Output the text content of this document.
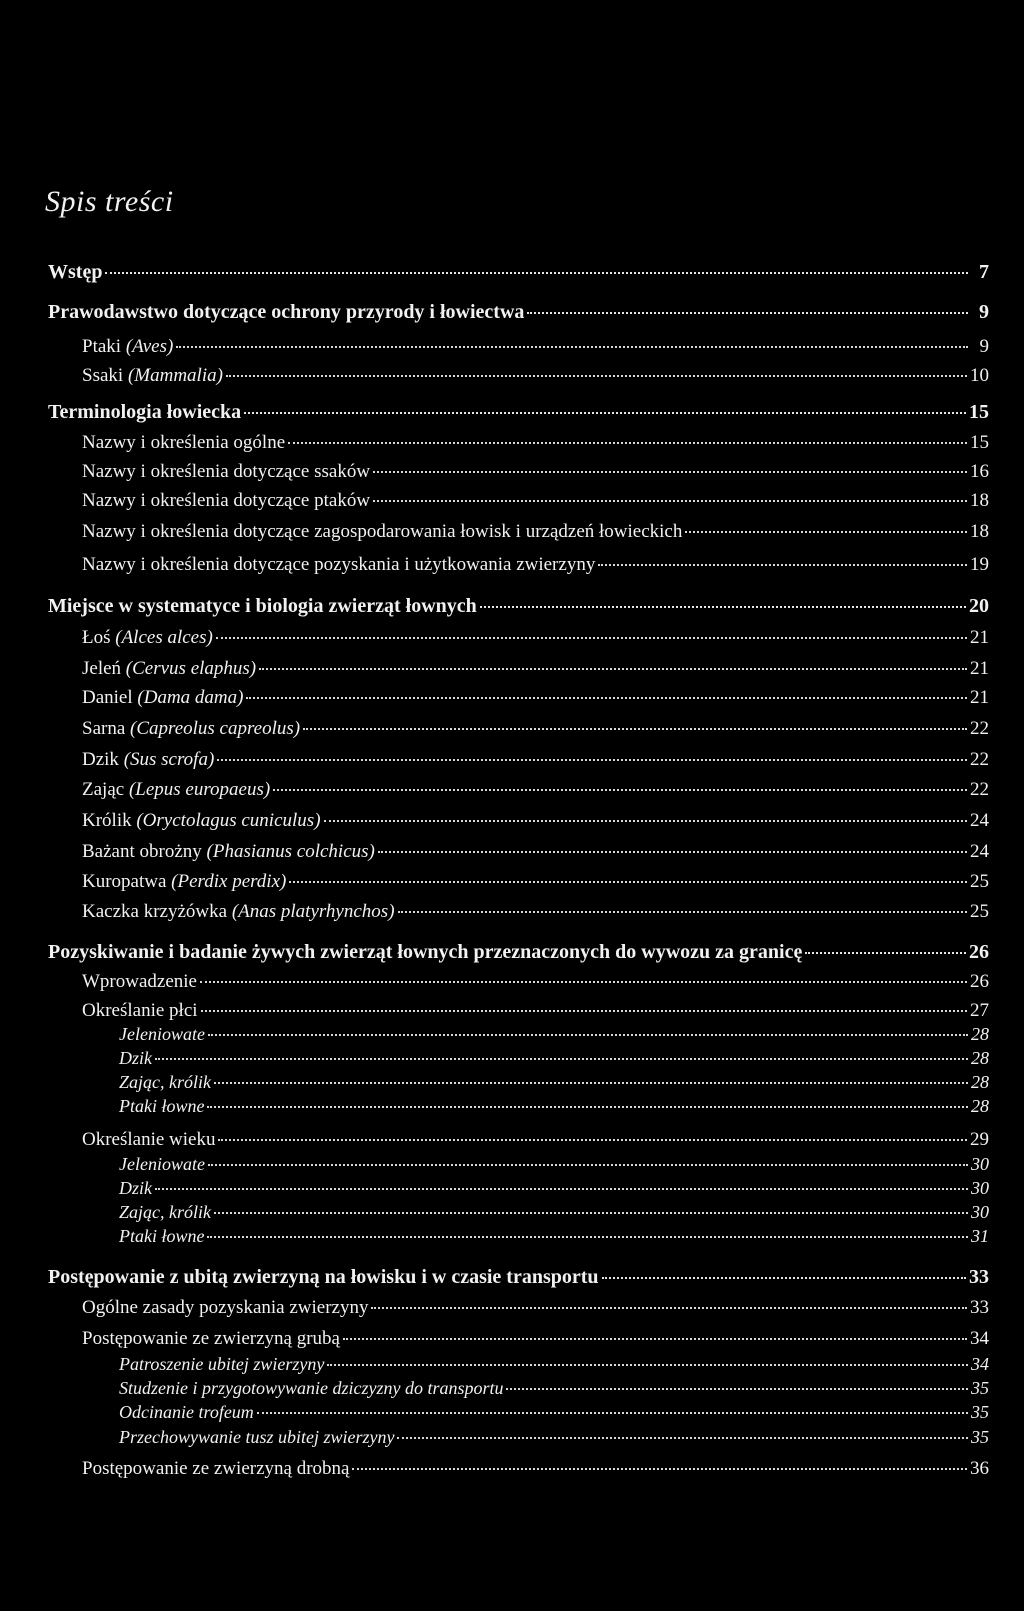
Spis treści
Wstęp	7
Prawodawstwo dotyczące ochrony przyrody i łowiectwa	9
Ptaki (Aves)	9
Ssaki (Mammalia)	10
Terminologia łowiecka	15
Nazwy i określenia ogólne	15
Nazwy i określenia dotyczące ssaków	16
Nazwy i określenia dotyczące ptaków	18
Nazwy i określenia dotyczące zagospodarowania łowisk i urządzeń łowieckich	18
Nazwy i określenia dotyczące pozyskania i użytkowania zwierzyny	19
Miejsce w systematyce i biologia zwierząt łownych	20
Łoś (Alces alces)	21
Jeleń (Cervus elaphus)	21
Daniel (Dama dama)	21
Sarna (Capreolus capreolus)	22
Dzik (Sus scrofa)	22
Zając (Lepus europaeus)	22
Królik (Oryctolagus cuniculus)	24
Bażant obrożny (Phasianus colchicus)	24
Kuropatwa (Perdix perdix)	25
Kaczka krzyżówka (Anas platyrhynchos)	25
Pozyskiwanie i badanie żywych zwierząt łownych przeznaczonych do wywozu za granicę	26
Wprowadzenie	26
Określanie płci	27
Jeleniowate	28
Dzik	28
Zając, królik	28
Ptaki łowne	28
Określanie wieku	29
Jeleniowate	30
Dzik	30
Zając, królik	30
Ptaki łowne	31
Postępowanie z ubitą zwierzyną na łowisku i w czasie transportu	33
Ogólne zasady pozyskania zwierzyny	33
Postępowanie ze zwierzyną grubą	34
Patroszenie ubitej zwierzyny	34
Studzenie i przygotowywanie dziczyzny do transportu	35
Odcinanie trofeum	35
Przechowywanie tusz ubitej zwierzyny	35
Postępowanie ze zwierzyną drobną	36
